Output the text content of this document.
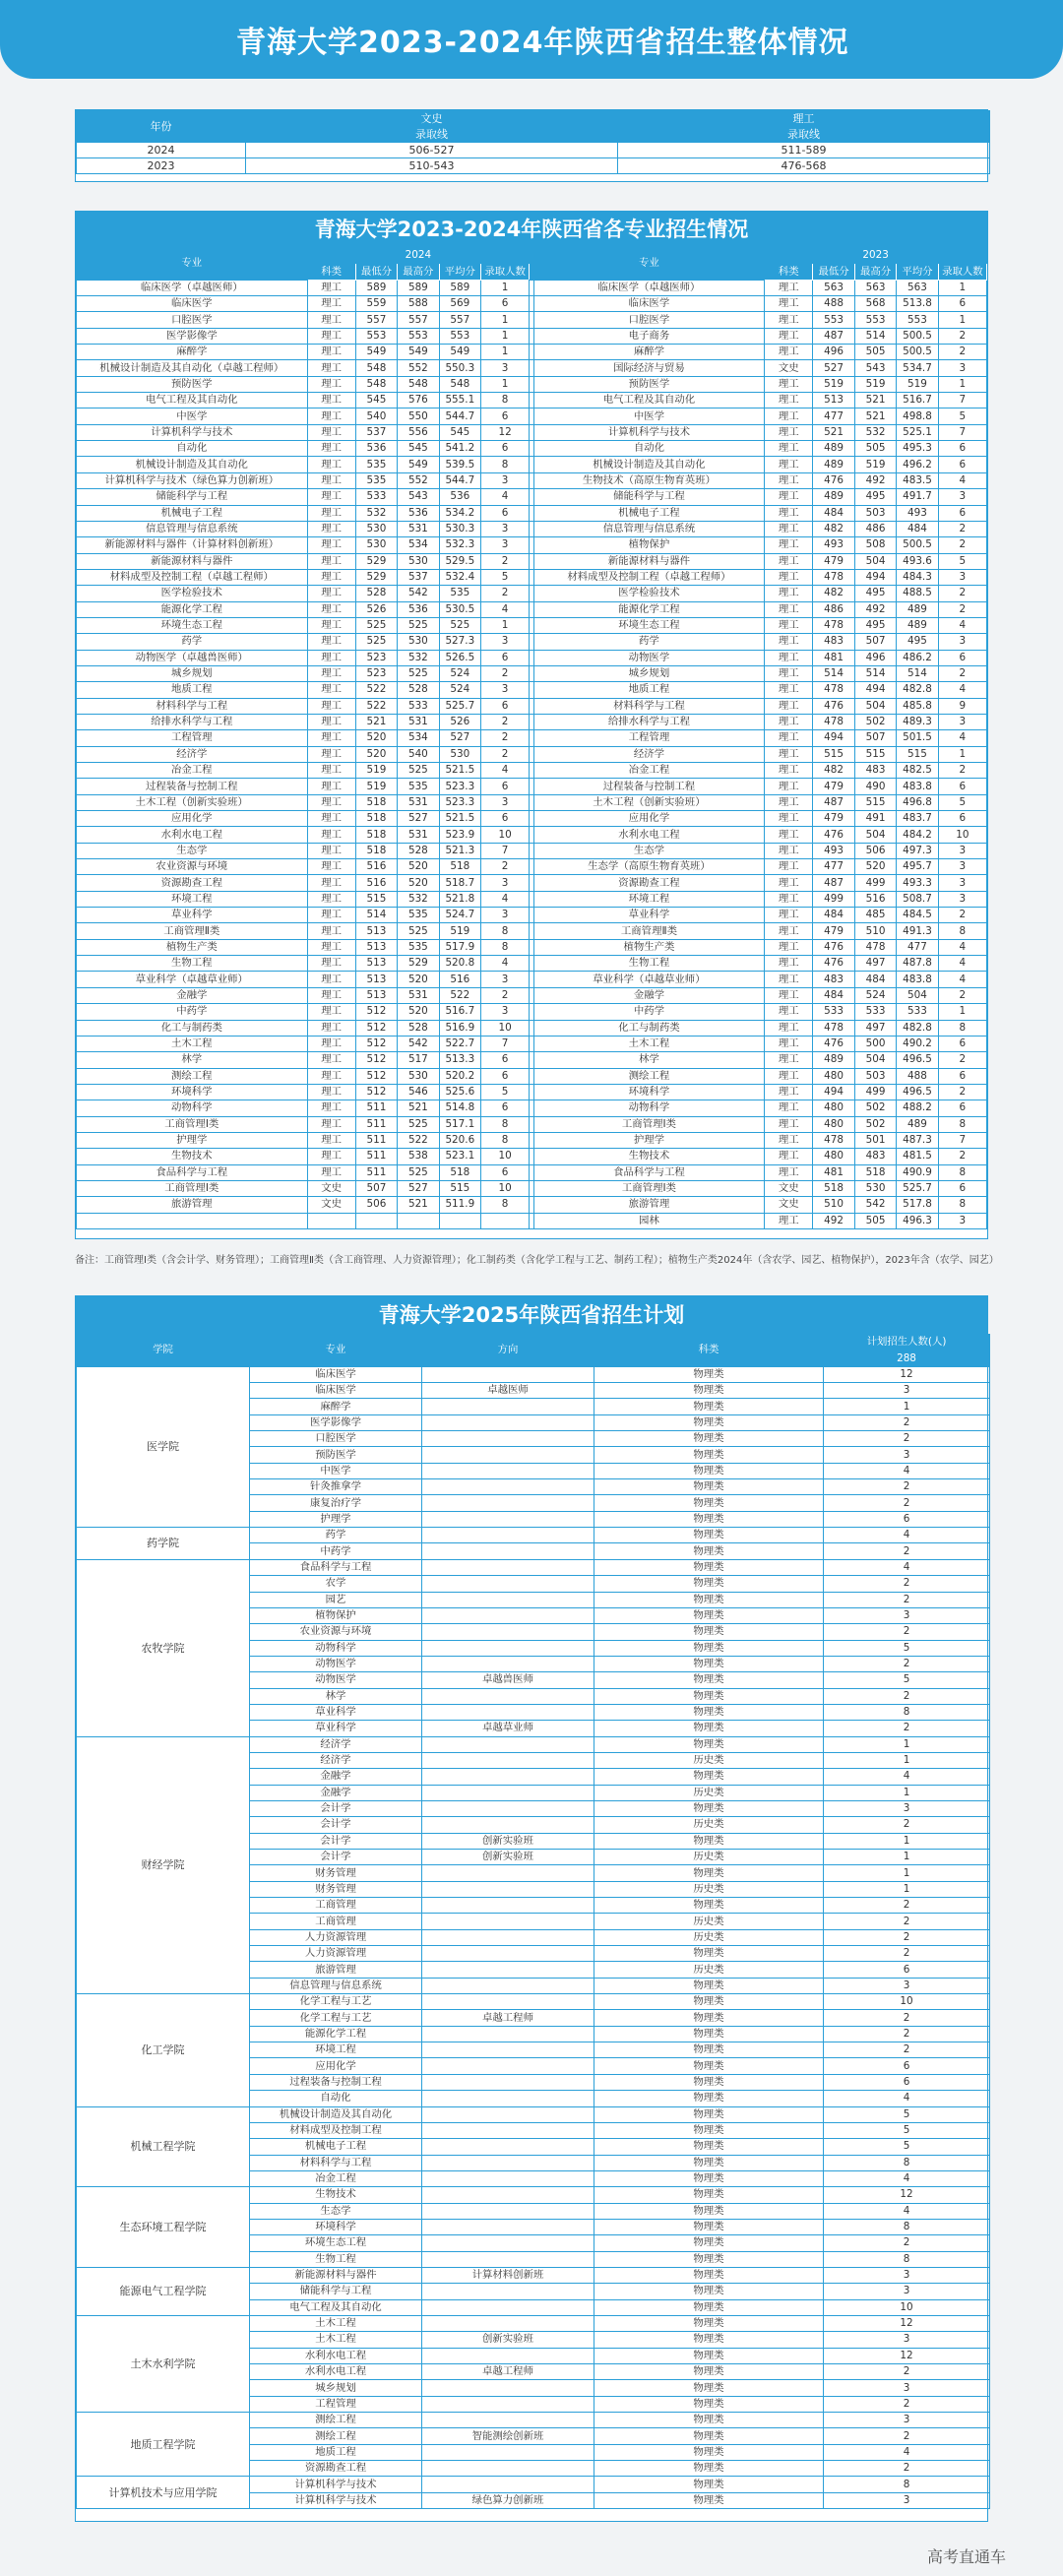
青海大学2023-2024年陕西省招生整体情况
年份	文史	理工
	录取线	录取线
2024	506-527	511-589
2023	510-543	476-568
青海大学2023-2024年陕西省各专业招生情况
专业	2024						专业	2023				
	科类	最低分	最高分	平均分	录取人数			科类	最低分	最高分	平均分	录取人数
临床医学（卓越医师）	理工	589	589	589	1		临床医学（卓越医师）	理工	563	563	563	1
临床医学	理工	559	588	569	6		临床医学	理工	488	568	513.8	6
口腔医学	理工	557	557	557	1		口腔医学	理工	553	553	553	1
医学影像学	理工	553	553	553	1		电子商务	理工	487	514	500.5	2
麻醉学	理工	549	549	549	1		麻醉学	理工	496	505	500.5	2
机械设计制造及其自动化（卓越工程师）	理工	548	552	550.3	3		国际经济与贸易	文史	527	543	534.7	3
预防医学	理工	548	548	548	1		预防医学	理工	519	519	519	1
电气工程及其自动化	理工	545	576	555.1	8		电气工程及其自动化	理工	513	521	516.7	7
中医学	理工	540	550	544.7	6		中医学	理工	477	521	498.8	5
计算机科学与技术	理工	537	556	545	12		计算机科学与技术	理工	521	532	525.1	7
自动化	理工	536	545	541.2	6		自动化	理工	489	505	495.3	6
机械设计制造及其自动化	理工	535	549	539.5	8		机械设计制造及其自动化	理工	489	519	496.2	6
计算机科学与技术（绿色算力创新班）	理工	535	552	544.7	3		生物技术（高原生物育英班）	理工	476	492	483.5	4
储能科学与工程	理工	533	543	536	4		储能科学与工程	理工	489	495	491.7	3
机械电子工程	理工	532	536	534.2	6		机械电子工程	理工	484	503	493	6
信息管理与信息系统	理工	530	531	530.3	3		信息管理与信息系统	理工	482	486	484	2
新能源材料与器件（计算材料创新班）	理工	530	534	532.3	3		植物保护	理工	493	508	500.5	2
新能源材料与器件	理工	529	530	529.5	2		新能源材料与器件	理工	479	504	493.6	5
材料成型及控制工程（卓越工程师）	理工	529	537	532.4	5		材料成型及控制工程（卓越工程师）	理工	478	494	484.3	3
医学检验技术	理工	528	542	535	2		医学检验技术	理工	482	495	488.5	2
能源化学工程	理工	526	536	530.5	4		能源化学工程	理工	486	492	489	2
环境生态工程	理工	525	525	525	1		环境生态工程	理工	478	495	489	4
药学	理工	525	530	527.3	3		药学	理工	483	507	495	3
动物医学（卓越兽医师）	理工	523	532	526.5	6		动物医学	理工	481	496	486.2	6
城乡规划	理工	523	525	524	2		城乡规划	理工	514	514	514	2
地质工程	理工	522	528	524	3		地质工程	理工	478	494	482.8	4
材料科学与工程	理工	522	533	525.7	6		材料科学与工程	理工	476	504	485.8	9
给排水科学与工程	理工	521	531	526	2		给排水科学与工程	理工	478	502	489.3	3
工程管理	理工	520	534	527	2		工程管理	理工	494	507	501.5	4
经济学	理工	520	540	530	2		经济学	理工	515	515	515	1
冶金工程	理工	519	525	521.5	4		冶金工程	理工	482	483	482.5	2
过程装备与控制工程	理工	519	535	523.3	6		过程装备与控制工程	理工	479	490	483.8	6
土木工程（创新实验班）	理工	518	531	523.3	3		土木工程（创新实验班）	理工	487	515	496.8	5
应用化学	理工	518	527	521.5	6		应用化学	理工	479	491	483.7	6
水利水电工程	理工	518	531	523.9	10		水利水电工程	理工	476	504	484.2	10
生态学	理工	518	528	521.3	7		生态学	理工	493	506	497.3	3
农业资源与环境	理工	516	520	518	2		生态学（高原生物育英班）	理工	477	520	495.7	3
资源勘查工程	理工	516	520	518.7	3		资源勘查工程	理工	487	499	493.3	3
环境工程	理工	515	532	521.8	4		环境工程	理工	499	516	508.7	3
草业科学	理工	514	535	524.7	3		草业科学	理工	484	485	484.5	2
工商管理Ⅱ类	理工	513	525	519	8		工商管理Ⅱ类	理工	479	510	491.3	8
植物生产类	理工	513	535	517.9	8		植物生产类	理工	476	478	477	4
生物工程	理工	513	529	520.8	4		生物工程	理工	476	497	487.8	4
草业科学（卓越草业师）	理工	513	520	516	3		草业科学（卓越草业师）	理工	483	484	483.8	4
金融学	理工	513	531	522	2		金融学	理工	484	524	504	2
中药学	理工	512	520	516.7	3		中药学	理工	533	533	533	1
化工与制药类	理工	512	528	516.9	10		化工与制药类	理工	478	497	482.8	8
土木工程	理工	512	542	522.7	7		土木工程	理工	476	500	490.2	6
林学	理工	512	517	513.3	6		林学	理工	489	504	496.5	2
测绘工程	理工	512	530	520.2	6		测绘工程	理工	480	503	488	6
环境科学	理工	512	546	525.6	5		环境科学	理工	494	499	496.5	2
动物科学	理工	511	521	514.8	6		动物科学	理工	480	502	488.2	6
工商管理Ⅰ类	理工	511	525	517.1	8		工商管理Ⅰ类	理工	480	502	489	8
护理学	理工	511	522	520.6	8		护理学	理工	478	501	487.3	7
生物技术	理工	511	538	523.1	10		生物技术	理工	480	483	481.5	2
食品科学与工程	理工	511	525	518	6		食品科学与工程	理工	481	518	490.9	8
工商管理Ⅰ类	文史	507	527	515	10		工商管理Ⅰ类	文史	518	530	525.7	6
旅游管理	文史	506	521	511.9	8		旅游管理	文史	510	542	517.8	8
							园林	理工	492	505	496.3	3
备注：工商管理Ⅰ类（含会计学、财务管理）；工商管理Ⅱ类（含工商管理、人力资源管理）；化工制药类（含化学工程与工艺、制药工程）；植物生产类2024年（含农学、园艺、植物保护），2023年含（农学、园艺）
青海大学2025年陕西省招生计划
学院	专业	方向	科类	计划招生人数(人)
				288
医学院	临床医学		物理类	12
	临床医学	卓越医师	物理类	3
	麻醉学		物理类	1
	医学影像学		物理类	2
	口腔医学		物理类	2
	预防医学		物理类	3
	中医学		物理类	4
	针灸推拿学		物理类	2
	康复治疗学		物理类	2
	护理学		物理类	6
药学院	药学		物理类	4
	中药学		物理类	2
农牧学院	食品科学与工程		物理类	4
	农学		物理类	2
	园艺		物理类	2
	植物保护		物理类	3
	农业资源与环境		物理类	2
	动物科学		物理类	5
	动物医学		物理类	2
	动物医学	卓越兽医师	物理类	5
	林学		物理类	2
	草业科学		物理类	8
	草业科学	卓越草业师	物理类	2
财经学院	经济学		物理类	1
	经济学		历史类	1
	金融学		物理类	4
	金融学		历史类	1
	会计学		物理类	3
	会计学		历史类	2
	会计学	创新实验班	物理类	1
	会计学	创新实验班	历史类	1
	财务管理		物理类	1
	财务管理		历史类	1
	工商管理		物理类	2
	工商管理		历史类	2
	人力资源管理		历史类	2
	人力资源管理		物理类	2
	旅游管理		历史类	6
	信息管理与信息系统		物理类	3
化工学院	化学工程与工艺		物理类	10
	化学工程与工艺	卓越工程师	物理类	2
	能源化学工程		物理类	2
	环境工程		物理类	2
	应用化学		物理类	6
	过程装备与控制工程		物理类	6
	自动化		物理类	4
机械工程学院	机械设计制造及其自动化		物理类	5
	材料成型及控制工程		物理类	5
	机械电子工程		物理类	5
	材料科学与工程		物理类	8
	冶金工程		物理类	4
生态环境工程学院	生物技术		物理类	12
	生态学		物理类	4
	环境科学		物理类	8
	环境生态工程		物理类	2
	生物工程		物理类	8
能源电气工程学院	新能源材料与器件	计算材料创新班	物理类	3
	储能科学与工程		物理类	3
	电气工程及其自动化		物理类	10
土木水利学院	土木工程		物理类	12
	土木工程	创新实验班	物理类	3
	水利水电工程		物理类	12
	水利水电工程	卓越工程师	物理类	2
	城乡规划		物理类	3
	工程管理		物理类	2
地质工程学院	测绘工程		物理类	3
	测绘工程	智能测绘创新班	物理类	2
	地质工程		物理类	4
	资源勘查工程		物理类	2
计算机技术与应用学院	计算机科学与技术		物理类	8
	计算机科学与技术	绿色算力创新班	物理类	3
高考直通车
